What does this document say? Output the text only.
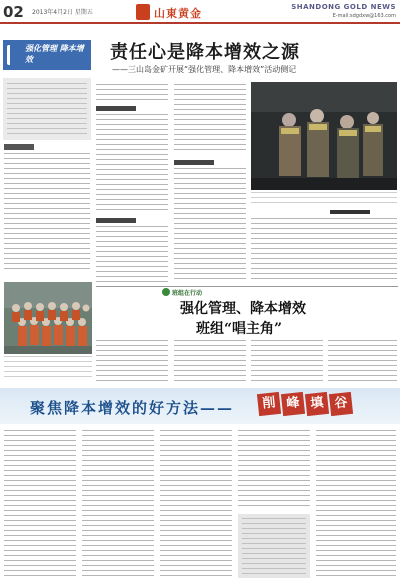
02 2013年4月2日 星期五	山東黄金	SHANDONG GOLD NEWS
E-mail:sdgdxw@163.com
强化管理 降本增效	责任心是降本增效之源
——三山岛金矿开展“强化管理、降本增效”活动侧记
班组在行动
强化管理、降本增效
班组“唱主角”
聚焦降本增效的好方法——	削 峰 填 谷
